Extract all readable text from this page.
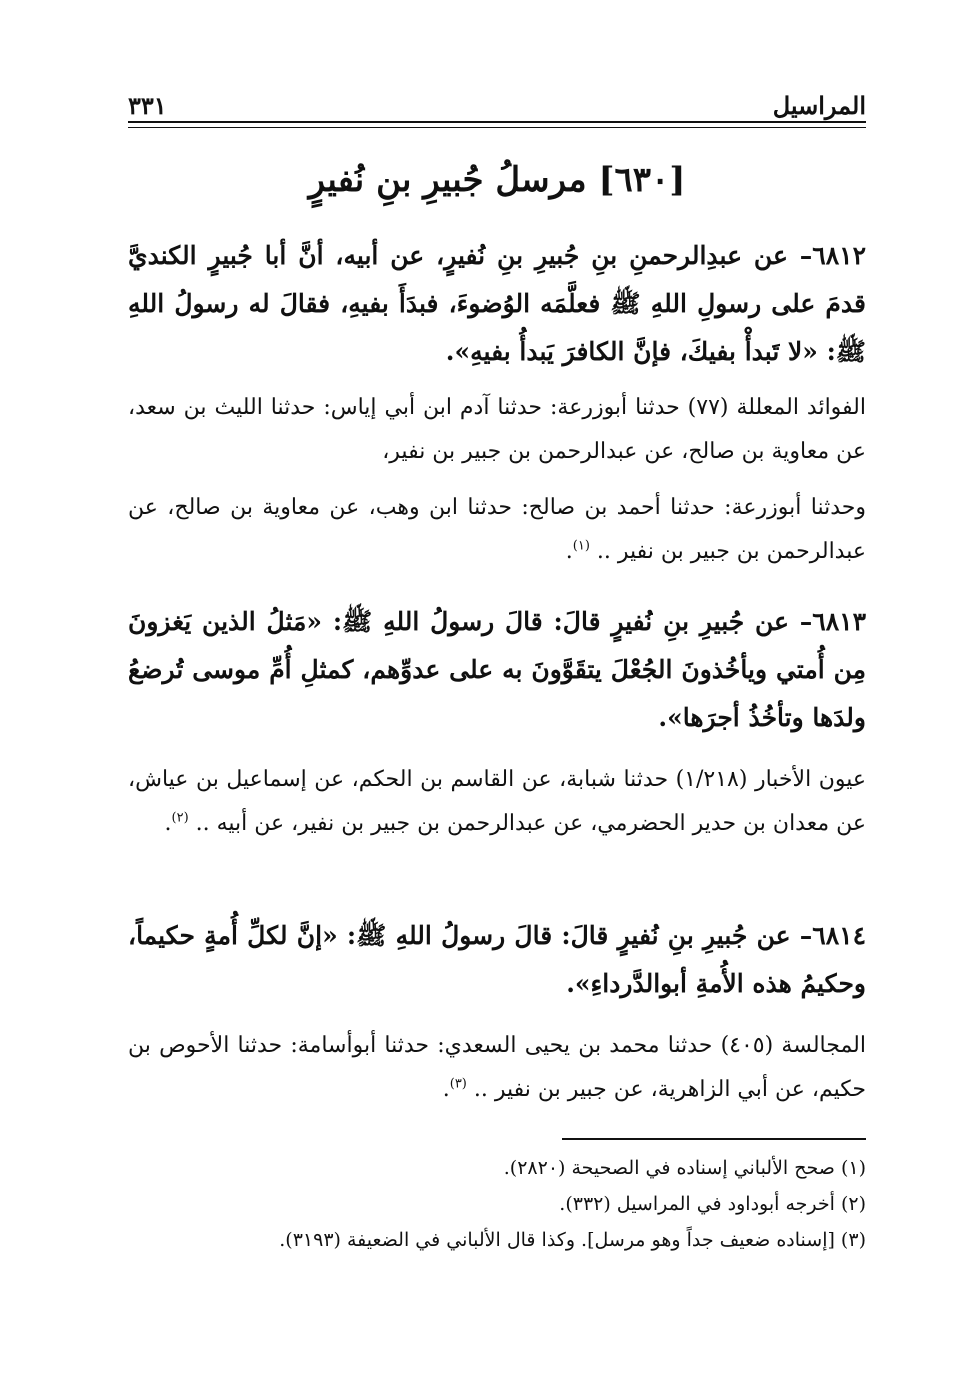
المراسيل
٣٣١
[٦٣٠] مرسلُ جُبيرِ بنِ نُفيرٍ
٦٨١٢– عن عبدِالرحمنِ بنِ جُبيرِ بنِ نُفيرٍ، عن أبيه، أنَّ أبا جُبيرٍ الكنديَّ قدمَ على رسولِ اللهِ ﷺ فعلَّمَه الوُضوءَ، فبدَأَ بفيهِ، فقالَ له رسولُ اللهِ ﷺ: «لا تَبدأْ بفيكَ، فإنَّ الكافرَ يَبدأُ بفيهِ».
الفوائد المعللة (٧٧) حدثنا أبوزرعة: حدثنا آدم ابن أبي إياس: حدثنا الليث بن سعد، عن معاوية بن صالح، عن عبدالرحمن بن جبير بن نفير،
وحدثنا أبوزرعة: حدثنا أحمد بن صالح: حدثنا ابن وهب، عن معاوية بن صالح، عن عبدالرحمن بن جبير بن نفير .. $^{(١)}$.
٦٨١٣– عن جُبيرِ بنِ نُفيرٍ قالَ: قالَ رسولُ اللهِ ﷺ: «مَثلُ الذين يَغزونَ مِن أُمتي ويأخُذونَ الجُعْلَ يتقَوَّونَ به على عدوِّهم، كمثلِ أُمِّ موسى تُرضعُ ولدَها وتأخُذُ أجرَها».
عيون الأخبار (١/٢١٨) حدثنا شبابة، عن القاسم بن الحكم، عن إسماعيل بن عياش، عن معدان بن حدير الحضرمي، عن عبدالرحمن بن جبير بن نفير، عن أبيه .. $^{(٢)}$.
٦٨١٤– عن جُبيرِ بنِ نُفيرٍ قالَ: قالَ رسولُ اللهِ ﷺ: «إنَّ لكلِّ أُمةٍ حكيماً، وحكيمُ هذه الأُمةِ أبوالدَّرداءِ».
المجالسة (٤٠٥) حدثنا محمد بن يحيى السعدي: حدثنا أبوأسامة: حدثنا الأحوص بن حكيم، عن أبي الزاهرية، عن جبير بن نفير .. $^{(٣)}$.
(١) صحح الألباني إسناده في الصحيحة (٢٨٢٠).
(٢) أخرجه أبوداود في المراسيل (٣٣٢).
(٣) [إسناده ضعيف جداً وهو مرسل]. وكذا قال الألباني في الضعيفة (٣١٩٣).
